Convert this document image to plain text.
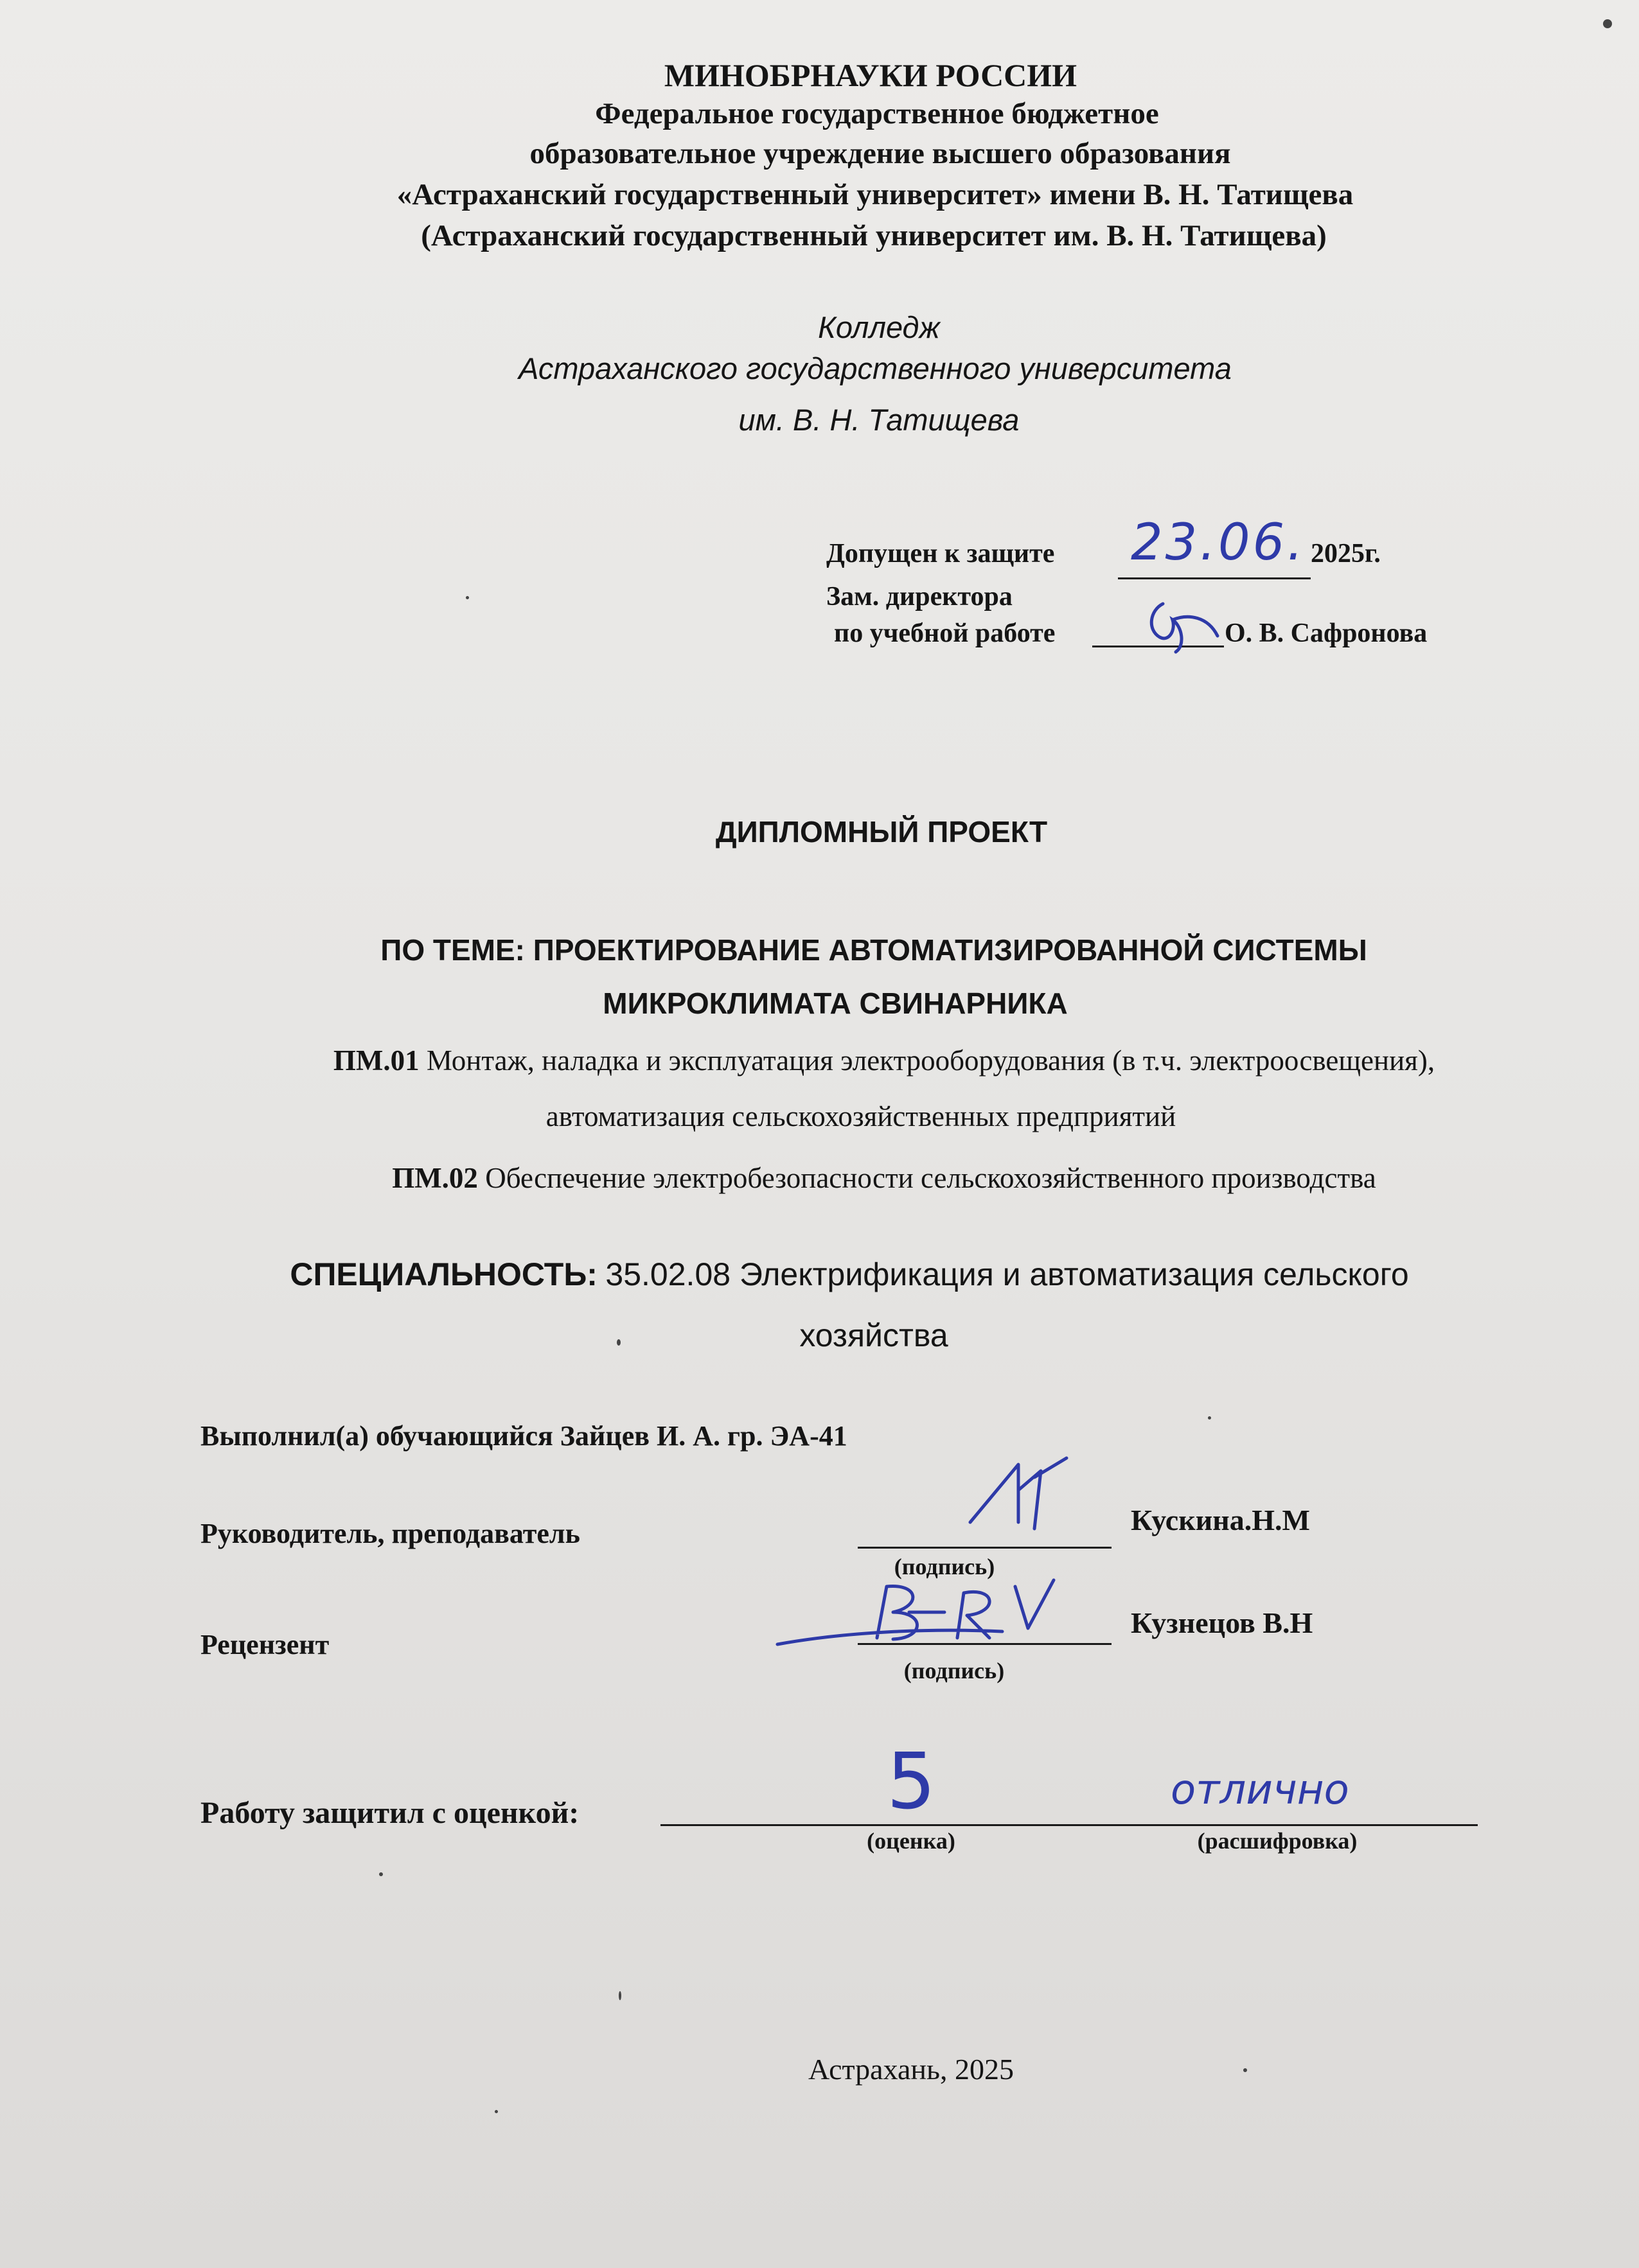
МИНОБРНАУКИ РОССИИ
Федеральное государственное бюджетное
образовательное учреждение высшего образования
«Астраханский государственный университет» имени В. Н. Татищева
(Астраханский государственный университет им. В. Н. Татищева)
Колледж
Астраханского государственного университета
им. В. Н. Татищева
Допущен к защите 23.06. 2025г.
Зам. директора
по учебной работе	О. В. Сафронова
ДИПЛОМНЫЙ ПРОЕКТ
ПО ТЕМЕ: ПРОЕКТИРОВАНИЕ АВТОМАТИЗИРОВАННОЙ СИСТЕМЫ
МИКРОКЛИМАТА СВИНАРНИКА
ПМ.01 Монтаж, наладка и эксплуатация электрооборудования (в т.ч. электроосвещения),
автоматизация сельскохозяйственных предприятий
ПМ.02 Обеспечение электробезопасности сельскохозяйственного производства
СПЕЦИАЛЬНОСТЬ: 35.02.08 Электрификация и автоматизация сельского
хозяйства
Выполнил(а) обучающийся Зайцев И. А. гр. ЭА-41
Руководитель, преподаватель	Кускина.Н.М
(подпись)
Рецензент
Кузнецов В.Н
(подпись)
Работу защитил с оценкой:	5	отлично
(оценка)	(расшифровка)
Астрахань, 2025
